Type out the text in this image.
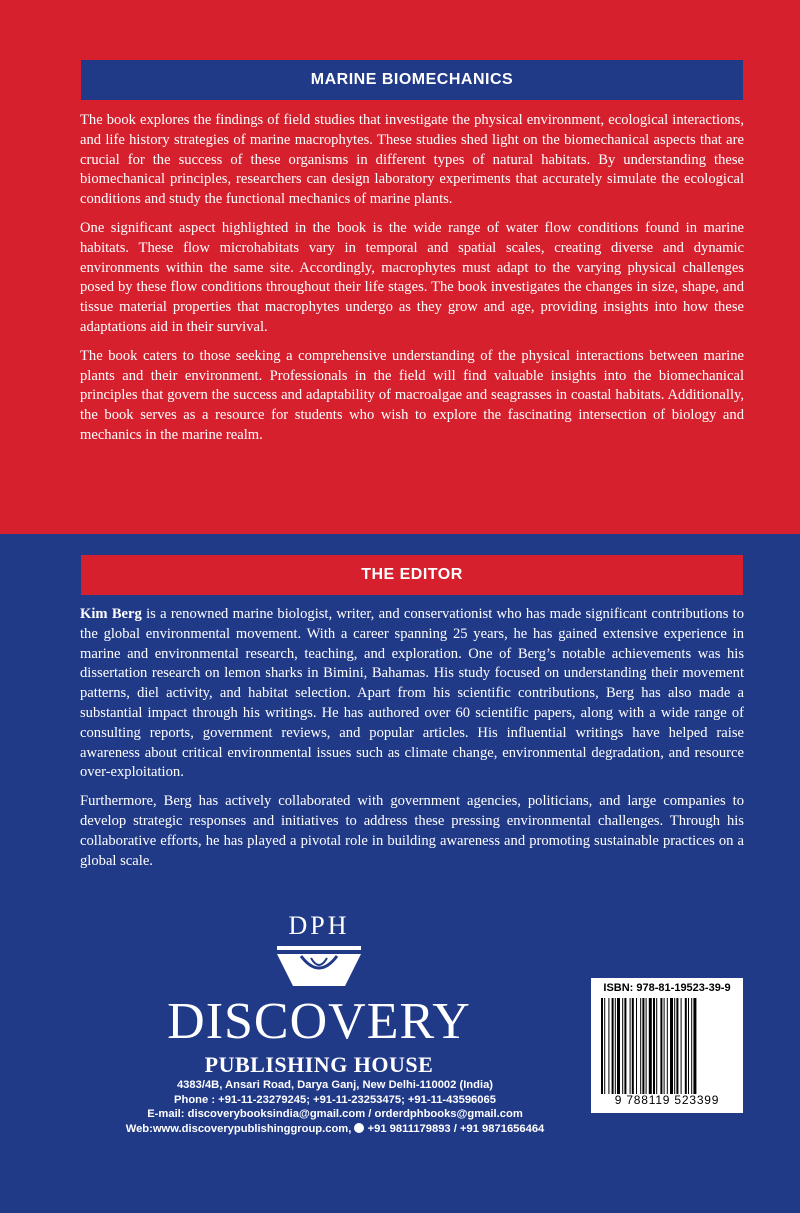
MARINE BIOMECHANICS

The book explores the findings of field studies that investigate the physical environment, ecological interactions, and life history strategies of marine macrophytes. These studies shed light on the biomechanical aspects that are crucial for the success of these organisms in different types of natural habitats. By understanding these biomechanical principles, researchers can design laboratory experiments that accurately simulate the ecological conditions and study the functional mechanics of marine plants.

One significant aspect highlighted in the book is the wide range of water flow conditions found in marine habitats. These flow microhabitats vary in temporal and spatial scales, creating diverse and dynamic environments within the same site. Accordingly, macrophytes must adapt to the varying physical challenges posed by these flow conditions throughout their life stages. The book investigates the changes in size, shape, and tissue material properties that macrophytes undergo as they grow and age, providing insights into how these adaptations aid in their survival.

The book caters to those seeking a comprehensive understanding of the physical interactions between marine plants and their environment. Professionals in the field will find valuable insights into the biomechanical principles that govern the success and adaptability of macroalgae and seagrasses in coastal habitats. Additionally, the book serves as a resource for students who wish to explore the fascinating intersection of biology and mechanics in the marine realm.

THE EDITOR

Kim Berg is a renowned marine biologist, writer, and conservationist who has made significant contributions to the global environmental movement. With a career spanning 25 years, he has gained extensive experience in marine and environmental research, teaching, and exploration. One of Berg’s notable achievements was his dissertation research on lemon sharks in Bimini, Bahamas. His study focused on understanding their movement patterns, diel activity, and habitat selection. Apart from his scientific contributions, Berg has also made a substantial impact through his writings. He has authored over 60 scientific papers, along with a wide range of consulting reports, government reviews, and popular articles. His influential writings have helped raise awareness about critical environmental issues such as climate change, environmental degradation, and resource over-exploitation.

Furthermore, Berg has actively collaborated with government agencies, politicians, and large companies to develop strategic responses and initiatives to address these pressing environmental challenges. Through his collaborative efforts, he has played a pivotal role in building awareness and promoting sustainable practices on a global scale.

DPH
DISCOVERY
PUBLISHING HOUSE
4383/4B, Ansari Road, Darya Ganj, New Delhi-110002 (India)
Phone : +91-11-23279245; +91-11-23253475; +91-11-43596065
E-mail: discoverybooksindia@gmail.com / orderdphbooks@gmail.com
Web:www.discoverypublishinggroup.com,  +91 9811179893 / +91 9871656464
ISBN: 978-81-19523-39-9
9 788119 523399
